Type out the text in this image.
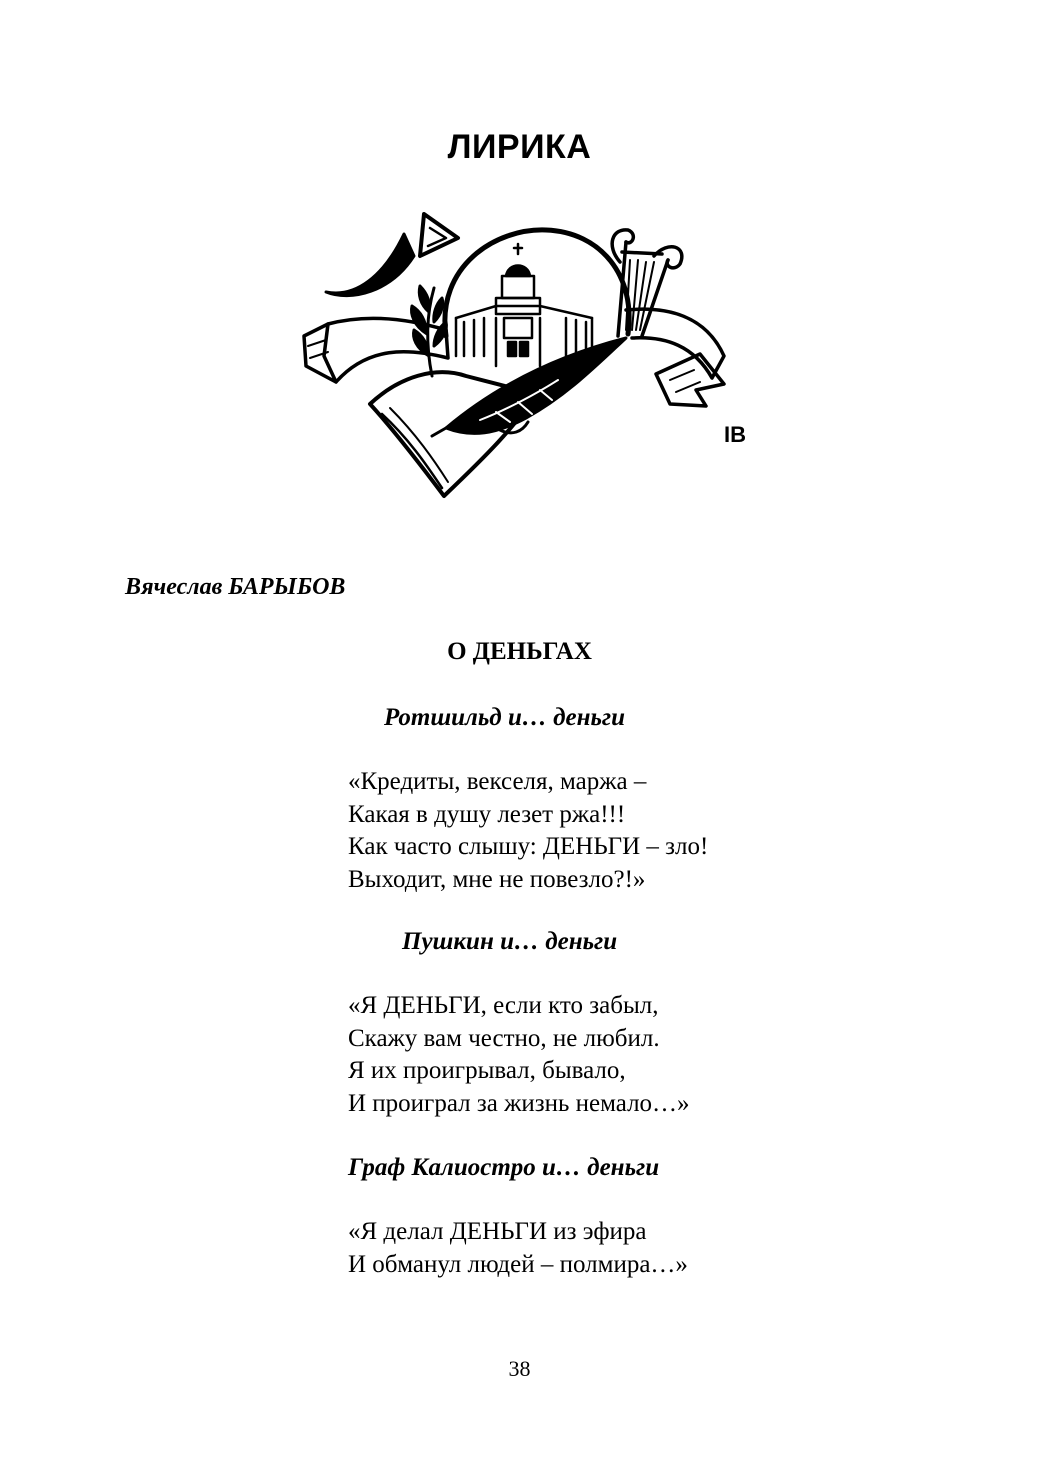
ЛИРИКА
ІВ
Вячеслав БАРЫБОВ
О ДЕНЬГАХ
Ротшильд и… деньги
«Кредиты, векселя, маржа –
Какая в душу лезет ржа!!!
Как часто слышу: ДЕНЬГИ – зло!
Выходит, мне не повезло?!»
Пушкин и… деньги
«Я ДЕНЬГИ, если кто забыл,
Скажу вам честно, не любил.
Я их проигрывал, бывало,
И проиграл за жизнь немало…»
Граф Калиостро и… деньги
«Я делал ДЕНЬГИ из эфира
И обманул людей – полмира…»
38
